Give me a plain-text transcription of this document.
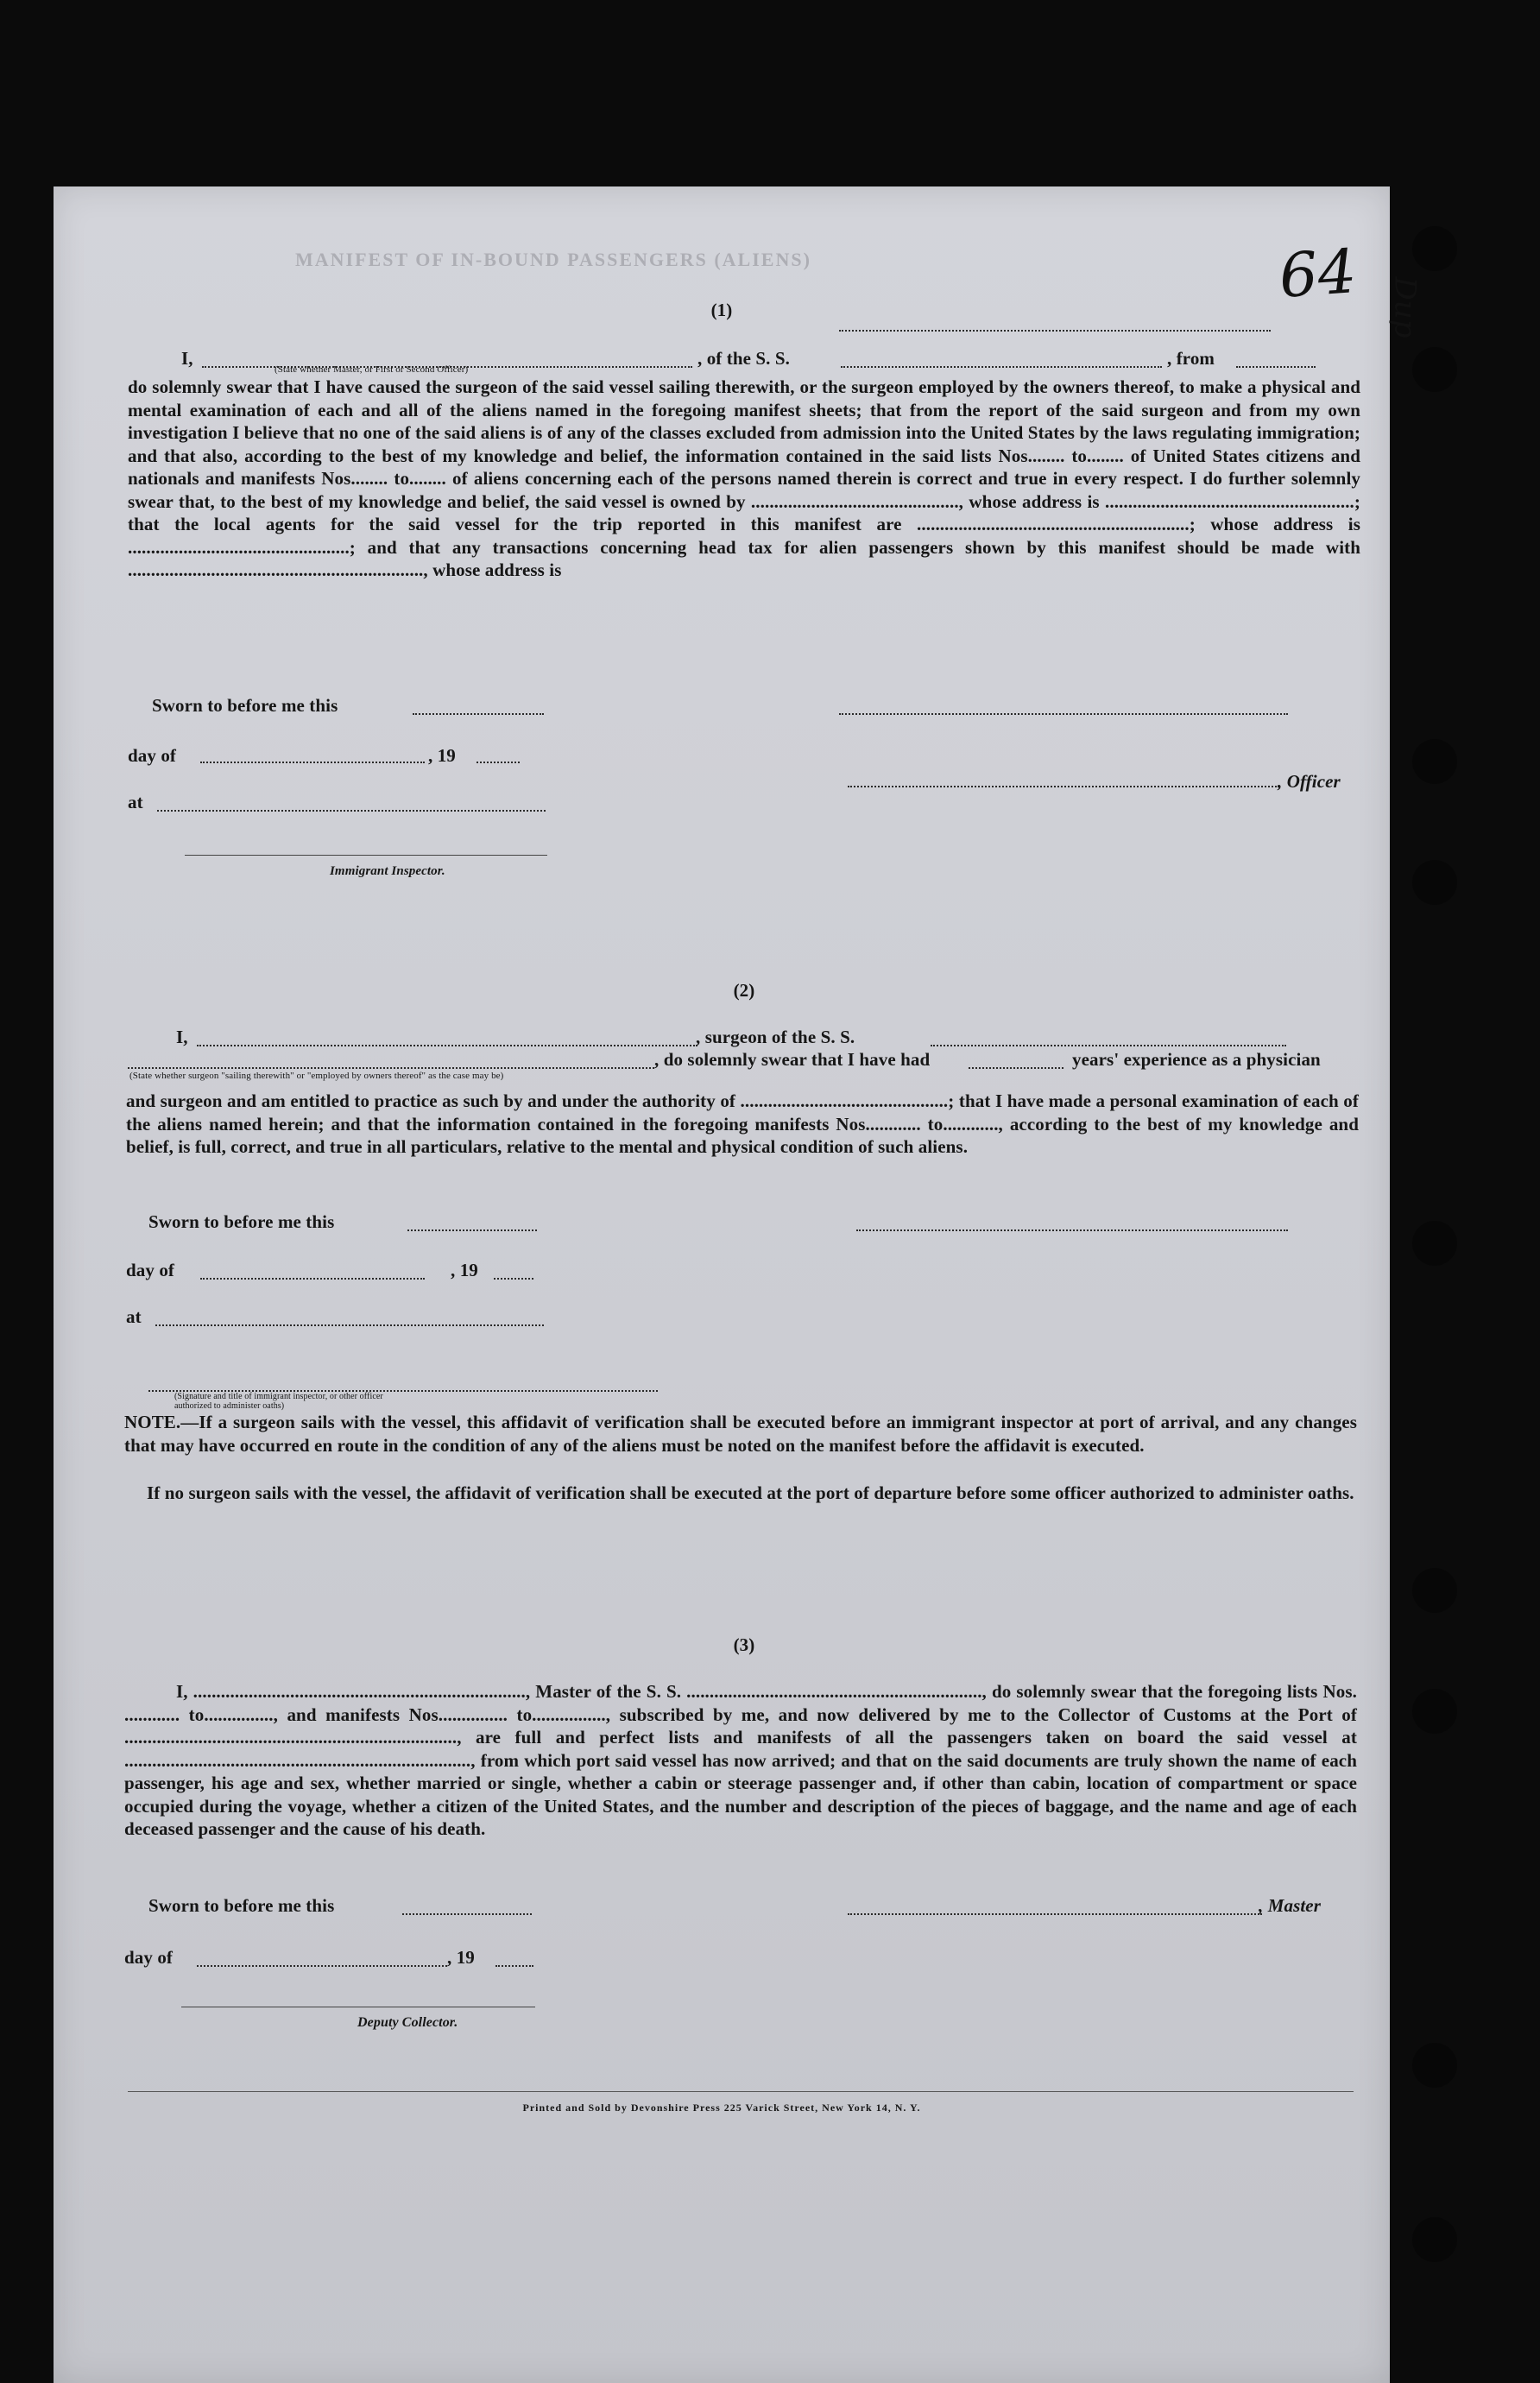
MANIFEST OF IN-BOUND PASSENGERS (ALIENS)	64 Dup
(1)
I,	, of the S. S.	, from
(State whether Master, or First or Second Officer)
do solemnly swear that I have caused the surgeon of the said vessel sailing therewith, or the surgeon employed by the owners thereof, to make a physical and mental examination of each and all of the aliens named in the foregoing manifest sheets; that from the report of the said surgeon and from my own investigation I believe that no one of the said aliens is of any of the classes excluded from admission into the United States by the laws regulating immigration; and that also, according to the best of my knowledge and belief, the information contained in the said lists Nos........ to........ of United States citizens and nationals and manifests Nos........ to........ of aliens concerning each of the persons named therein is correct and true in every respect. I do further solemnly swear that, to the best of my knowledge and belief, the said vessel is owned by ............................................., whose address is ......................................................; that the local agents for the said vessel for the trip reported in this manifest are ...........................................................; whose address is ................................................; and that any transactions concerning head tax for alien passengers shown by this manifest should be made with ................................................................, whose address is
Sworn to before me this
day of	, 19
, Officer
at
Immigrant Inspector.
(2)
I,	, surgeon of the S. S.
, do solemnly swear that I have had	years' experience as a physician
(State whether surgeon "sailing therewith" or "employed by owners thereof" as the case may be)
and surgeon and am entitled to practice as such by and under the authority of .............................................; that I have made a personal examination of each of the aliens named herein; and that the information contained in the foregoing manifests Nos............ to............, according to the best of my knowledge and belief, is full, correct, and true in all particulars, relative to the mental and physical condition of such aliens.
Sworn to before me this
day of	, 19
at
(Signature and title of immigrant inspector, or other officer authorized to administer oaths)
NOTE.—If a surgeon sails with the vessel, this affidavit of verification shall be executed before an immigrant inspector at port of arrival, and any changes that may have occurred en route in the condition of any of the aliens must be noted on the manifest before the affidavit is executed.
If no surgeon sails with the vessel, the affidavit of verification shall be executed at the port of departure before some officer authorized to administer oaths.
(3)
I, ........................................................................, Master of the S. S. ................................................................, do solemnly swear that the foregoing lists Nos. ............ to..............., and manifests Nos............... to................, subscribed by me, and now delivered by me to the Collector of Customs at the Port of ........................................................................, are full and perfect lists and manifests of all the passengers taken on board the said vessel at ..........................................................................., from which port said vessel has now arrived; and that on the said documents are truly shown the name of each passenger, his age and sex, whether married or single, whether a cabin or steerage passenger and, if other than cabin, location of compartment or space occupied during the voyage, whether a citizen of the United States, and the number and description of the pieces of baggage, and the name and age of each deceased passenger and the cause of his death.
Sworn to before me this	, Master
day of	, 19
Deputy Collector.
Printed and Sold by Devonshire Press 225 Varick Street, New York 14, N. Y.
